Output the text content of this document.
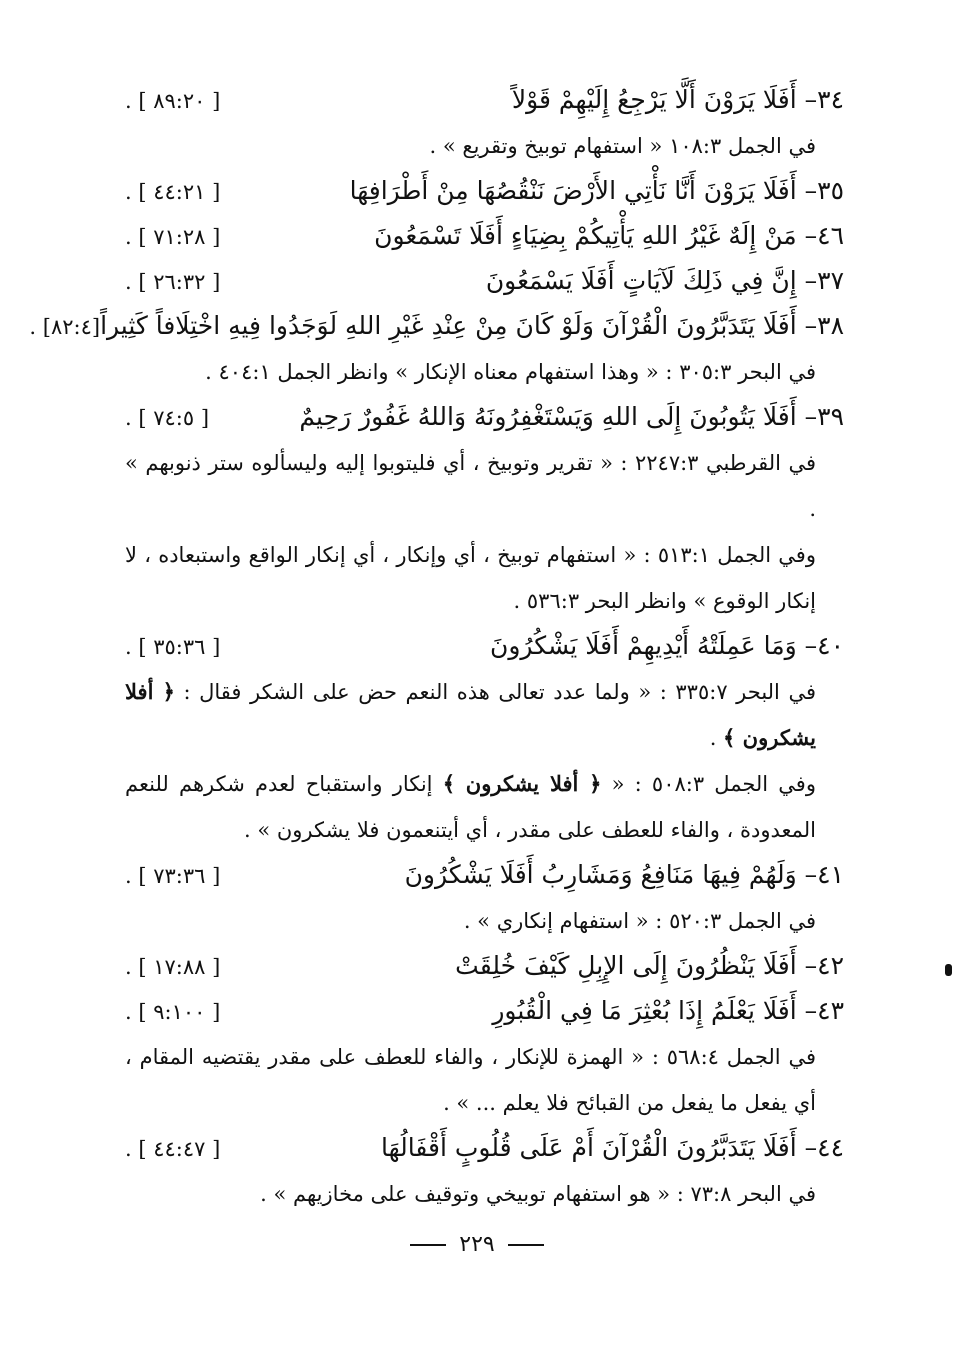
٣٤– أَفَلَا يَرَوْنَ أَلَّا يَرْجِعُ إِلَيْهِمْ قَوْلاً
[ ٨٩:٢٠ ] .

في الجمل ١٠٨:٣ « استفهام توبيخ وتقريع » .

٣٥– أَفَلَا يَرَوْنَ أَنَّا نَأْتِي الأَرْضَ نَنْقُصُهَا مِنْ أَطْرَافِهَا
[ ٤٤:٢١ ] .
٤٦– مَنْ إِلَهٌ غَيْرُ اللهِ يَأْتِيكُمْ بِضِيَاءٍ أَفَلَا تَسْمَعُونَ
[ ٧١:٢٨ ] .
٣٧– إِنَّ فِي ذَلِكَ لَآيَاتٍ أَفَلَا يَسْمَعُونَ
[ ٢٦:٣٢ ] .
٣٨– أَفَلَا يَتَدَبَّرُونَ الْقُرْآنَ وَلَوْ كَانَ مِنْ عِنْدِ غَيْرِ اللهِ لَوَجَدُوا فِيهِ اخْتِلَافاً كَثِيراً
[٨٢:٤] .

في البحر ٣٠٥:٣ : « وهذا استفهام معناه الإنكار » وانظر الجمل ٤٠٤:١ .

٣٩– أَفَلَا يَتُوبُونَ إِلَى اللهِ وَيَسْتَغْفِرُونَهُ وَاللهُ غَفُورٌ رَحِيمٌ
[ ٧٤:٥ ] .

في القرطبي ٢٢٤٧:٣ : « تقرير وتوبيخ ، أي فليتوبوا إليه وليسألوه ستر ذنوبهم » .

وفي الجمل ٥١٣:١ : « استفهام توبيخ ، أي وإنكار ، أي إنكار الواقع واستبعاده ، لا إنكار الوقوع » وانظر البحر ٥٣٦:٣ .

٤٠– وَمَا عَمِلَتْهُ أَيْدِيهِمْ أَفَلَا يَشْكُرُونَ
[ ٣٥:٣٦ ] .

في البحر ٣٣٥:٧ : « ولما عدد تعالى هذه النعم حض على الشكر فقال : ﴿ أفلا يشكرون ﴾ .

وفي الجمل ٥٠٨:٣ : « ﴿ أفلا يشكرون ﴾ إنكار واستقباح لعدم شكرهم للنعم المعدودة ، والفاء للعطف على مقدر ، أي أيتنعمون فلا يشكرون » .

٤١– وَلَهُمْ فِيهَا مَنَافِعُ وَمَشَارِبُ أَفَلَا يَشْكُرُونَ
[ ٧٣:٣٦ ] .

في الجمل ٥٢٠:٣ : « استفهام إنكاري » .

٤٢– أَفَلَا يَنْظُرُونَ إِلَى الإِبِلِ كَيْفَ خُلِقَتْ
[ ١٧:٨٨ ] .
٤٣– أَفَلَا يَعْلَمُ إِذَا بُعْثِرَ مَا فِي الْقُبُورِ
[ ٩:١٠٠ ] .

في الجمل ٥٦٨:٤ : « الهمزة للإنكار ، والفاء للعطف على مقدر يقتضيه المقام ، أي يفعل ما يفعل من القبائح فلا يعلم ... » .

٤٤– أَفَلَا يَتَدَبَّرُونَ الْقُرْآنَ أَمْ عَلَى قُلُوبٍ أَقْفَالُهَا
[ ٤٤:٤٧ ] .

في البحر ٧٣:٨ : « هو استفهام توبيخي وتوقيف على مخازيهم » .

٢٢٩
